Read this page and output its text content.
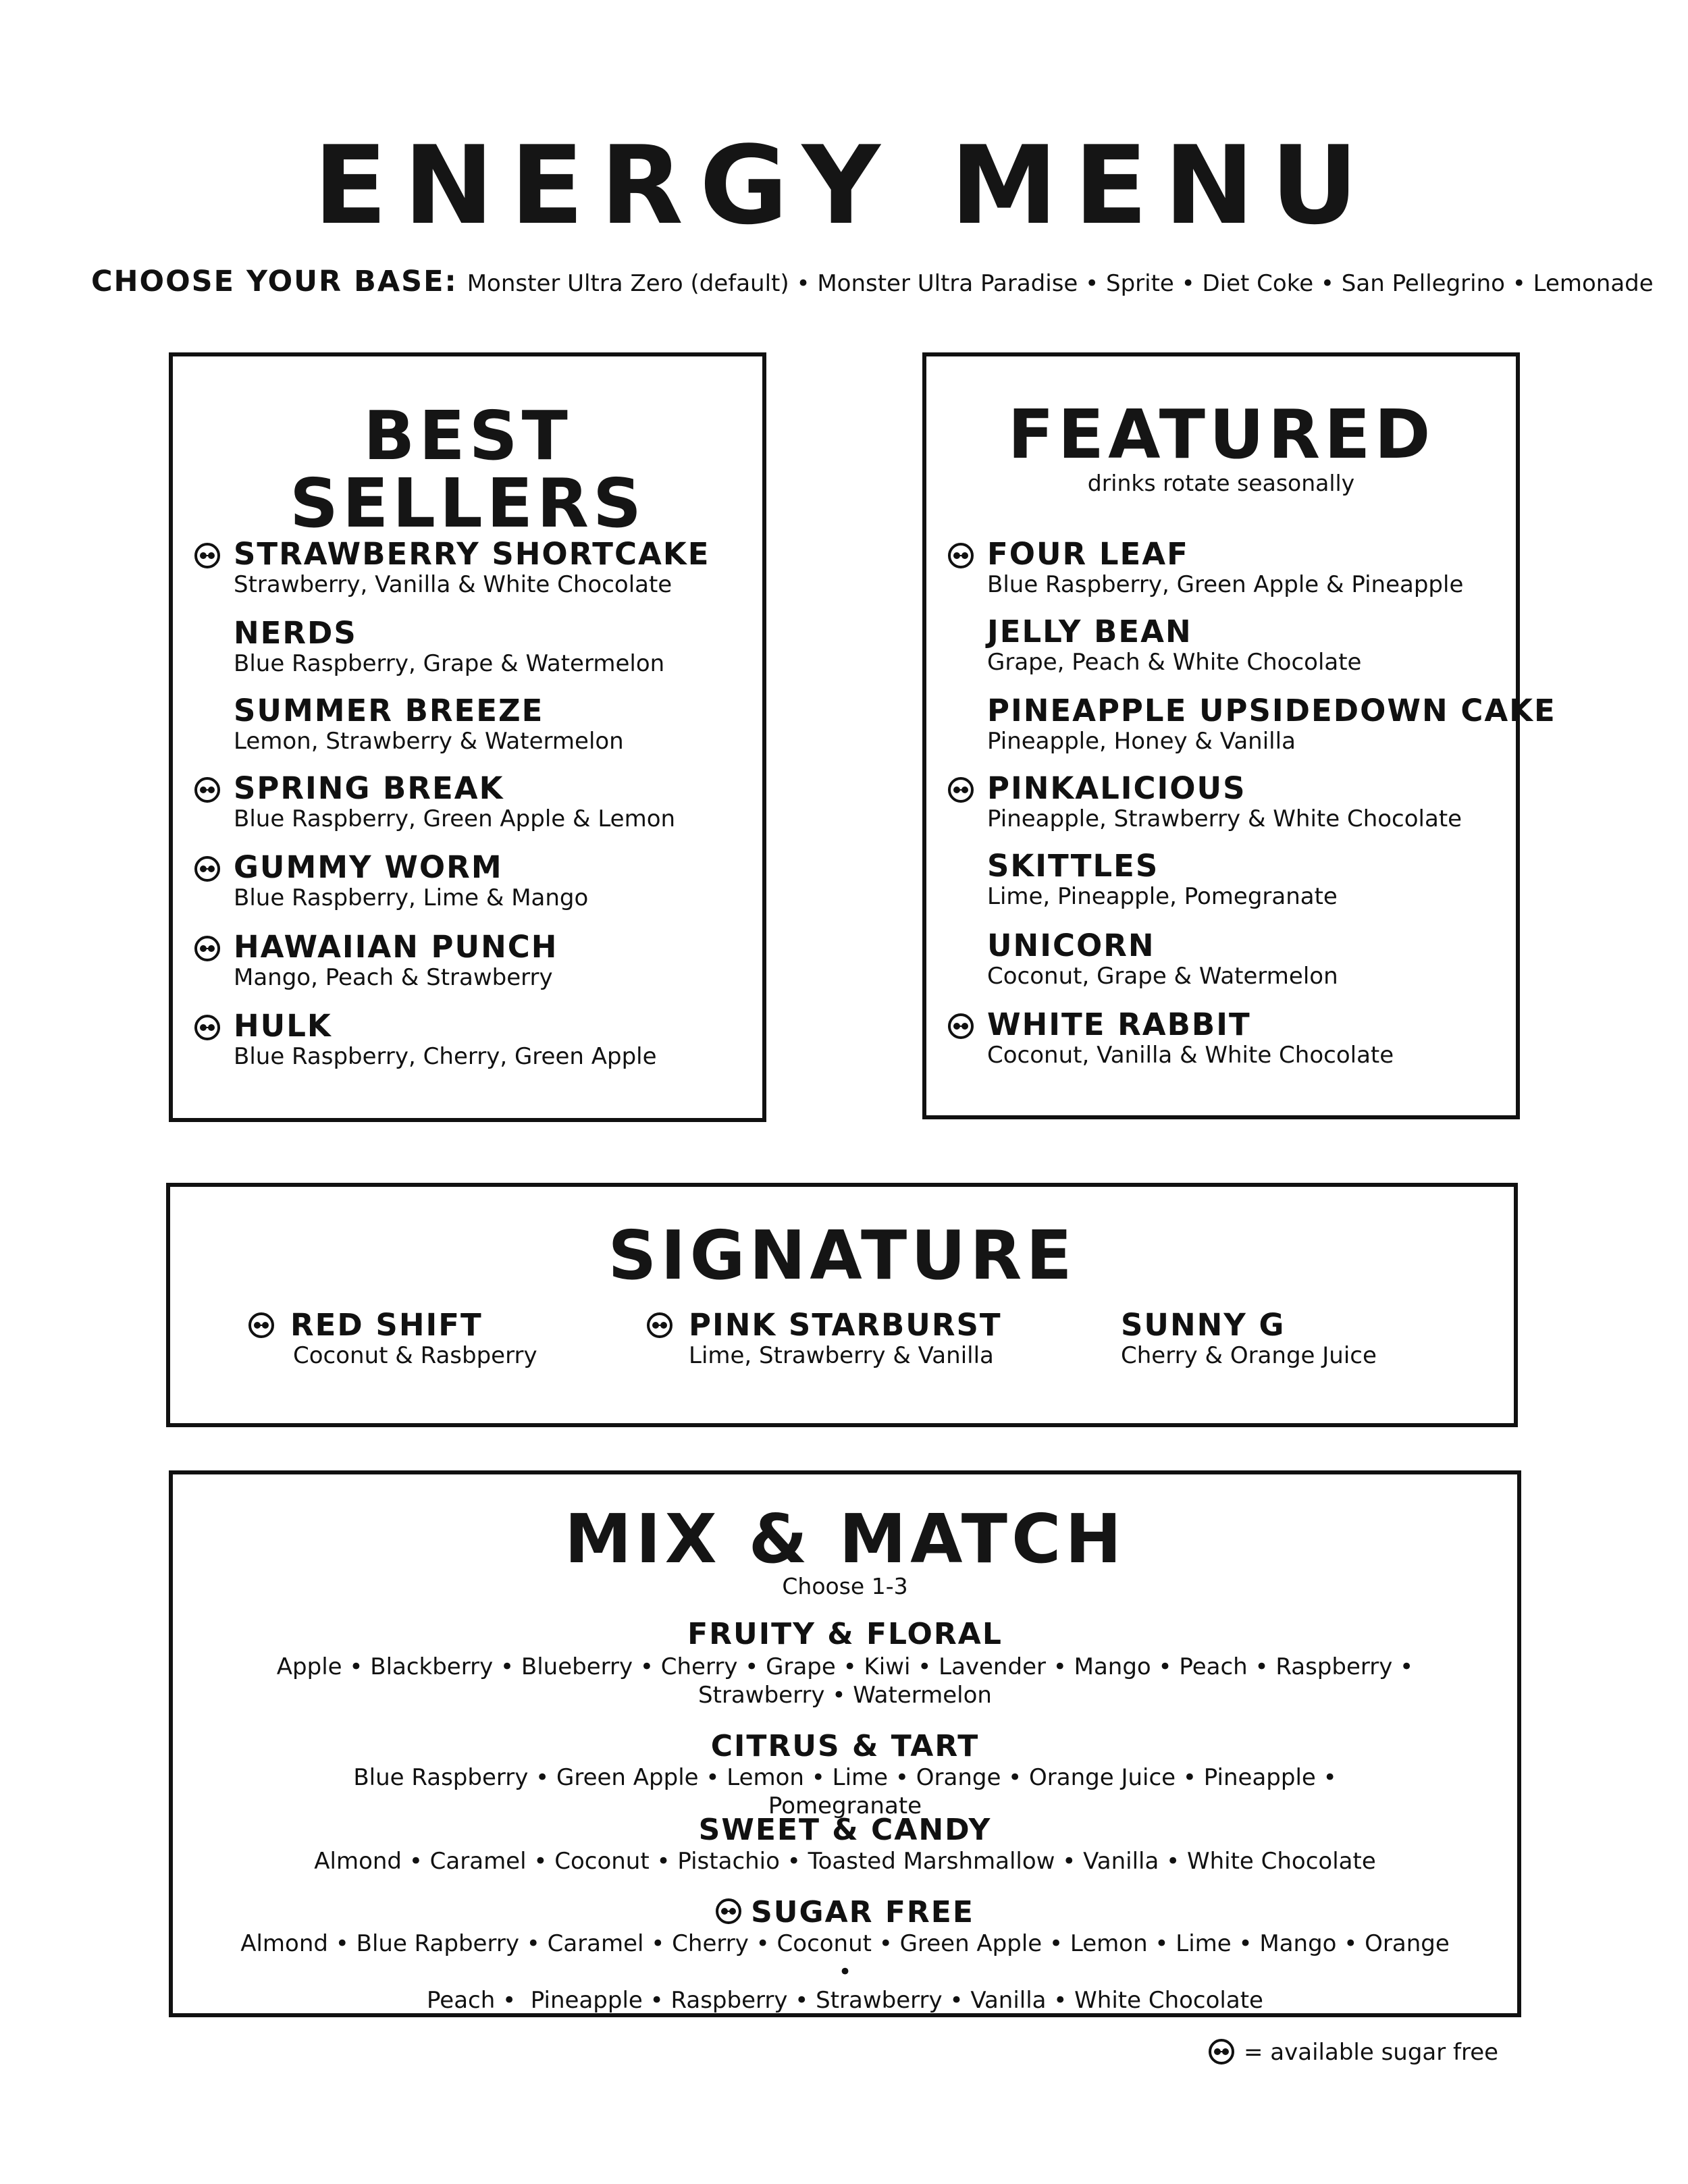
ENERGY MENU
CHOOSE YOUR BASE: Monster Ultra Zero (default) • Monster Ultra Paradise • Sprite • Diet Coke • San Pellegrino • Lemonade
BEST SELLERS
STRAWBERRY SHORTCAKE
Strawberry, Vanilla & White Chocolate
NERDS
Blue Raspberry, Grape & Watermelon
SUMMER BREEZE
Lemon, Strawberry & Watermelon
SPRING BREAK
Blue Raspberry, Green Apple & Lemon
GUMMY WORM
Blue Raspberry, Lime & Mango
HAWAIIAN PUNCH
Mango, Peach & Strawberry
HULK
Blue Raspberry, Cherry, Green Apple
FEATURED
drinks rotate seasonally
FOUR LEAF
Blue Raspberry, Green Apple & Pineapple
JELLY BEAN
Grape, Peach & White Chocolate
PINEAPPLE UPSIDEDOWN CAKE
Pineapple, Honey & Vanilla
PINKALICIOUS
Pineapple, Strawberry & White Chocolate
SKITTLES
Lime, Pineapple, Pomegranate
UNICORN
Coconut, Grape & Watermelon
WHITE RABBIT
Coconut, Vanilla & White Chocolate
SIGNATURE
RED SHIFT
Coconut & Rasbperry
PINK STARBURST
Lime, Strawberry & Vanilla
SUNNY G
Cherry & Orange Juice
MIX & MATCH
Choose 1-3
FRUITY & FLORAL
Apple • Blackberry • Blueberry • Cherry • Grape • Kiwi • Lavender • Mango • Peach • Raspberry •
Strawberry • Watermelon
CITRUS & TART
Blue Raspberry • Green Apple • Lemon • Lime • Orange • Orange Juice • Pineapple • Pomegranate
SWEET & CANDY
Almond • Caramel • Coconut • Pistachio • Toasted Marshmallow • Vanilla • White Chocolate
SUGAR FREE
Almond • Blue Rapberry • Caramel • Cherry • Coconut • Green Apple • Lemon • Lime • Mango • Orange •
Peach •  Pineapple • Raspberry • Strawberry • Vanilla • White Chocolate
= available sugar free
